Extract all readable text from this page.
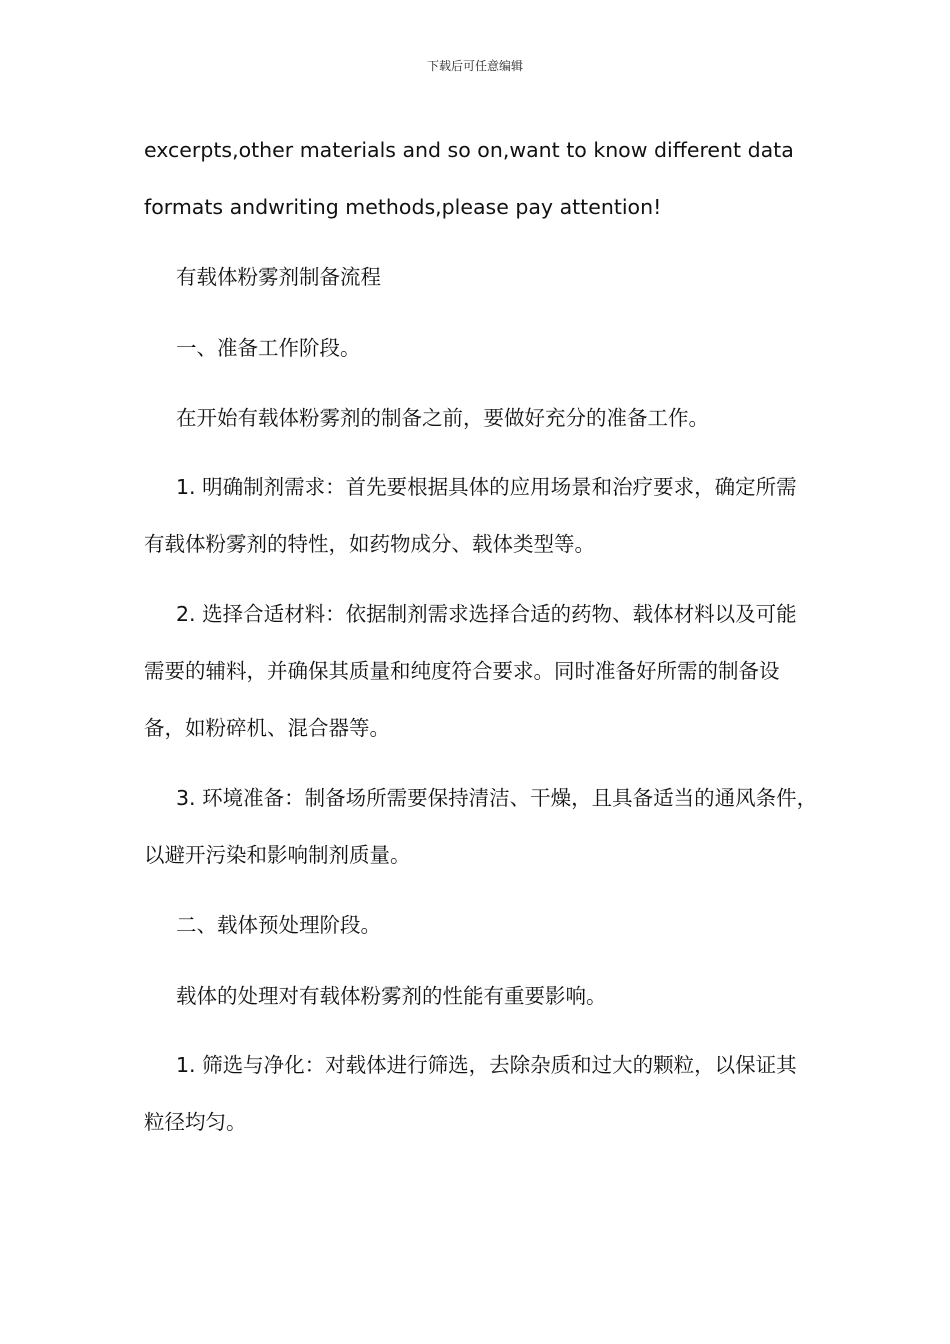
下载后可任意编辑
excerpts,other materials and so on,want to know different data
formats andwriting methods,please pay attention!
有载体粉雾剂制备流程
一、准备工作阶段。
在开始有载体粉雾剂的制备之前，要做好充分的准备工作。
1. 明确制剂需求：首先要根据具体的应用场景和治疗要求，确定所需
有载体粉雾剂的特性，如药物成分、载体类型等。
2. 选择合适材料：依据制剂需求选择合适的药物、载体材料以及可能
需要的辅料，并确保其质量和纯度符合要求。同时准备好所需的制备设
备，如粉碎机、混合器等。
3. 环境准备：制备场所需要保持清洁、干燥，且具备适当的通风条件，
以避开污染和影响制剂质量。
二、载体预处理阶段。
载体的处理对有载体粉雾剂的性能有重要影响。
1. 筛选与净化：对载体进行筛选，去除杂质和过大的颗粒，以保证其
粒径均匀。
